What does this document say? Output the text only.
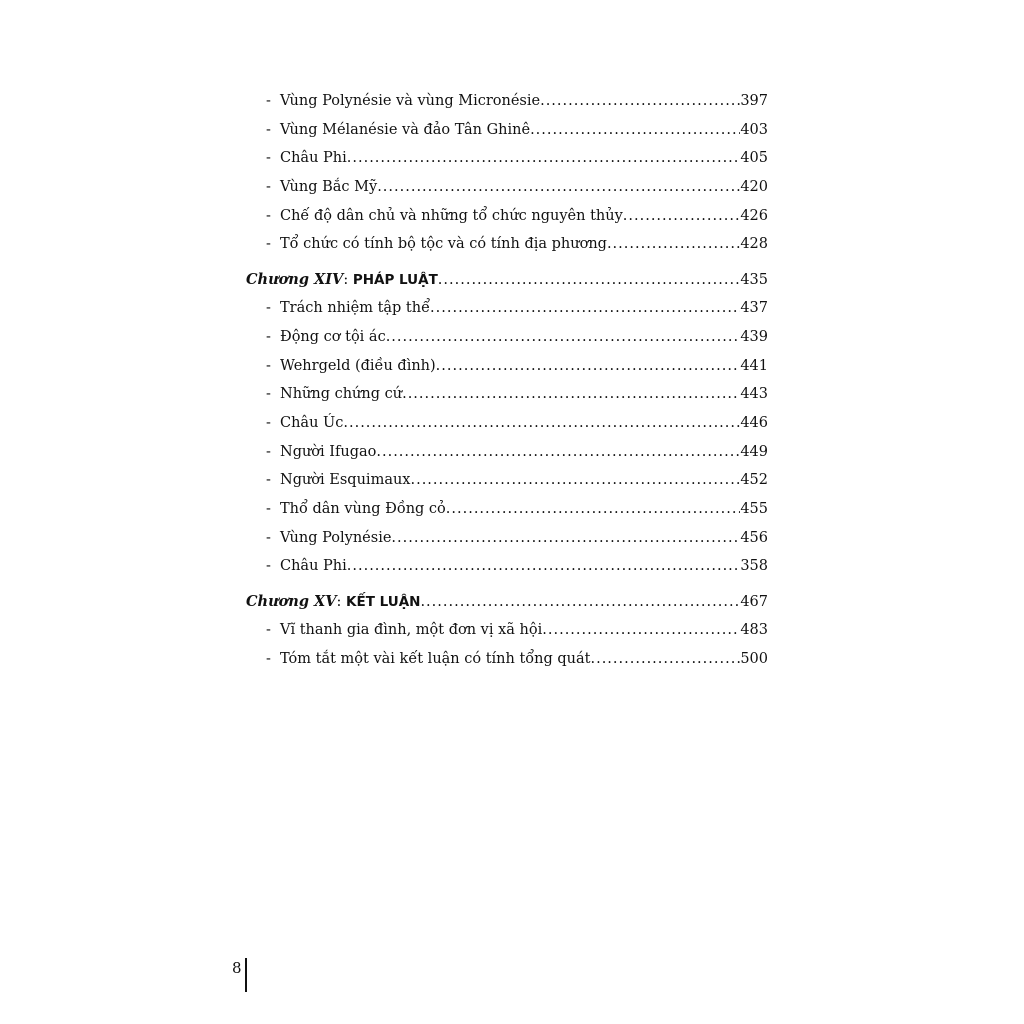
- Vùng Polynésie và vùng Micronésie .....	397
- Vùng Mélanésie và đảo Tân Ghinê .....	403
- Châu Phi .....	405
- Vùng Bắc Mỹ .....	420
- Chế độ dân chủ và những tổ chức nguyên thủy .....	426
- Tổ chức có tính bộ tộc và có tính địa phương .....	428
Chương XIV : PHÁP LUẬT .....	435
- Trách nhiệm tập thể .....	437
- Động cơ tội ác .....	439
- Wehrgeld (điều đình) .....	441
- Những chứng cứ .....	443
- Châu Úc .....	446
- Người Ifugao .....	449
- Người Esquimaux .....	452
- Thổ dân vùng Đồng cỏ .....	455
- Vùng Polynésie .....	456
- Châu Phi .....	358
Chương XV : KẾT LUẬN .....	467
- Vĩ thanh gia đình, một đơn vị xã hội .....	483
- Tóm tắt một vài kết luận có tính tổng quát .....	500
8
